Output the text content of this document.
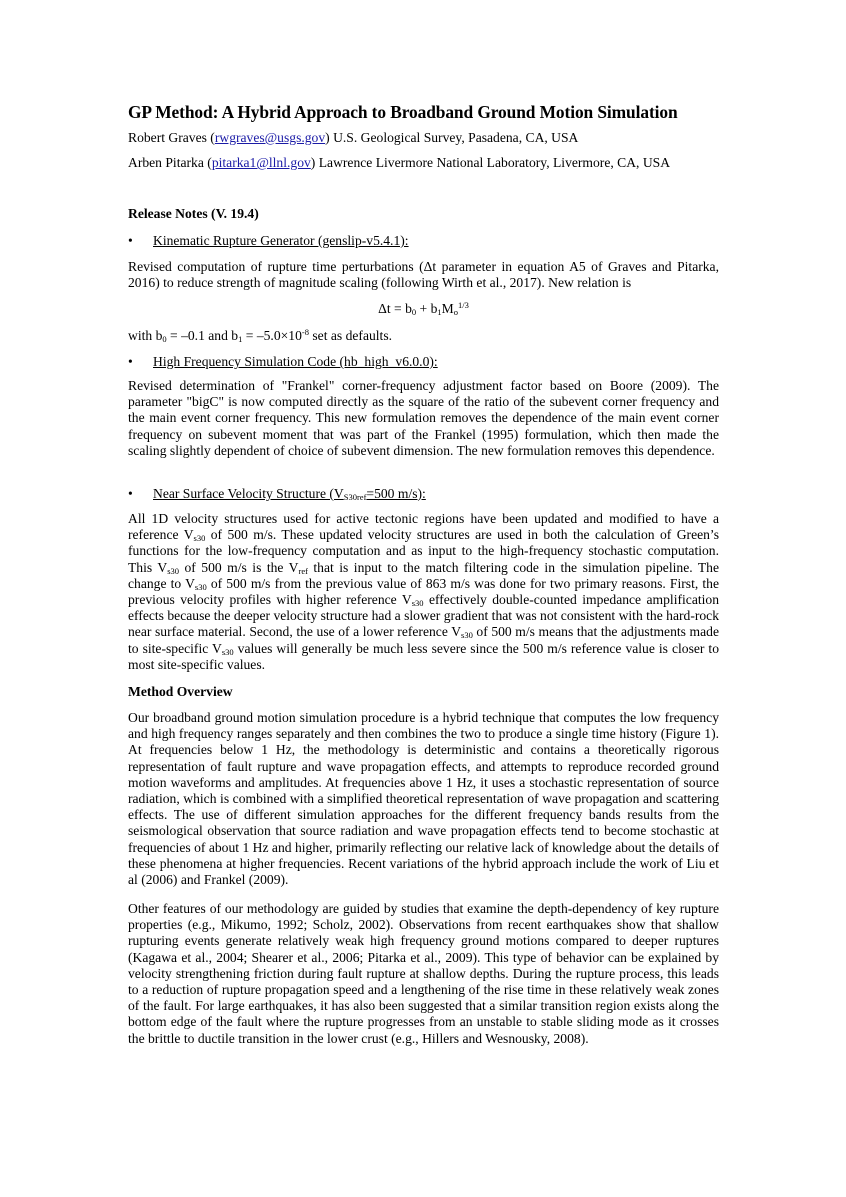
GP Method: A Hybrid Approach to Broadband Ground Motion Simulation
Robert Graves (rwgraves@usgs.gov) U.S. Geological Survey, Pasadena, CA, USA
Arben Pitarka (pitarka1@llnl.gov) Lawrence Livermore National Laboratory, Livermore, CA, USA
Release Notes (V. 19.4)
• Kinematic Rupture Generator (genslip-v5.4.1):
Revised computation of rupture time perturbations (Δt parameter in equation A5 of Graves and Pitarka, 2016) to reduce strength of magnitude scaling (following Wirth et al., 2017). New relation is
$\Delta t = b_0 + b_1M_o^{1/3}$
with $b_0 = -0.1$ and $b_1 = -5.0\times 10^{-8}$ set as defaults.
• High Frequency Simulation Code (hb_high_v6.0.0):
Revised determination of "Frankel" corner-frequency adjustment factor based on Boore (2009). The parameter "bigC" is now computed directly as the square of the ratio of the subevent corner frequency and the main event corner frequency. This new formulation removes the dependence of the main event corner frequency on subevent moment that was part of the Frankel (1995) formulation, which then made the scaling slightly dependent of choice of subevent dimension. The new formulation removes this dependence.
• Near Surface Velocity Structure ($V_{S30ref}=500$ m/s):
All 1D velocity structures used for active tectonic regions have been updated and modified to have a reference $V_{s30}$ of 500 m/s. These updated velocity structures are used in both the calculation of Green’s functions for the low-frequency computation and as input to the high-frequency stochastic computation. This $V_{s30}$ of 500 m/s is the $V_{ref}$ that is input to the match filtering code in the simulation pipeline. The change to $V_{s30}$ of 500 m/s from the previous value of 863 m/s was done for two primary reasons. First, the previous velocity profiles with higher reference $V_{s30}$ effectively double-counted impedance amplification effects because the deeper velocity structure had a slower gradient that was not consistent with the hard-rock near surface material. Second, the use of a lower reference $V_{s30}$ of 500 m/s means that the adjustments made to site-specific $V_{s30}$ values will generally be much less severe since the 500 m/s reference value is closer to most site-specific values.
Method Overview
Our broadband ground motion simulation procedure is a hybrid technique that computes the low frequency and high frequency ranges separately and then combines the two to produce a single time history (Figure 1). At frequencies below 1 Hz, the methodology is deterministic and contains a theoretically rigorous representation of fault rupture and wave propagation effects, and attempts to reproduce recorded ground motion waveforms and amplitudes. At frequencies above 1 Hz, it uses a stochastic representation of source radiation, which is combined with a simplified theoretical representation of wave propagation and scattering effects. The use of different simulation approaches for the different frequency bands results from the seismological observation that source radiation and wave propagation effects tend to become stochastic at frequencies of about 1 Hz and higher, primarily reflecting our relative lack of knowledge about the details of these phenomena at higher frequencies. Recent variations of the hybrid approach include the work of Liu et al (2006) and Frankel (2009).
Other features of our methodology are guided by studies that examine the depth-dependency of key rupture properties (e.g., Mikumo, 1992; Scholz, 2002). Observations from recent earthquakes show that shallow rupturing events generate relatively weak high frequency ground motions compared to deeper ruptures (Kagawa et al., 2004; Shearer et al., 2006; Pitarka et al., 2009). This type of behavior can be explained by velocity strengthening friction during fault rupture at shallow depths. During the rupture process, this leads to a reduction of rupture propagation speed and a lengthening of the rise time in these relatively weak zones of the fault. For large earthquakes, it has also been suggested that a similar transition region exists along the bottom edge of the fault where the rupture progresses from an unstable to stable sliding mode as it crosses the brittle to ductile transition in the lower crust (e.g., Hillers and Wesnousky, 2008).
